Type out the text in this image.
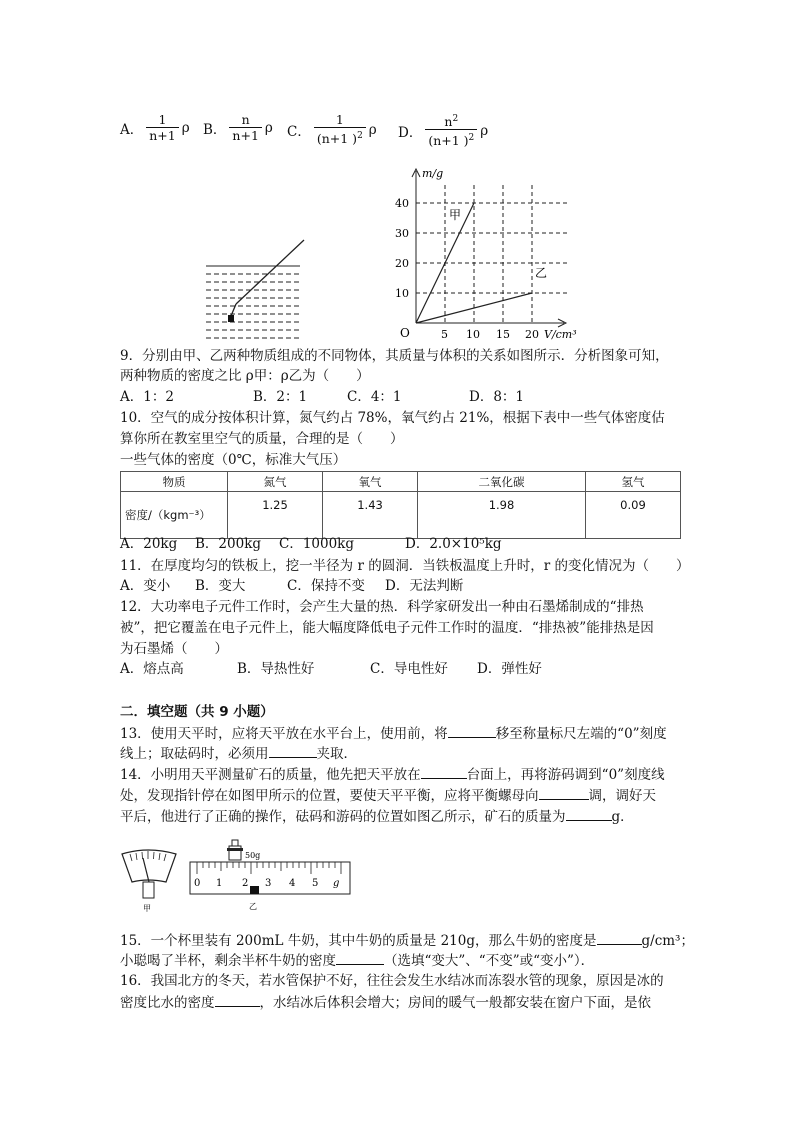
A． $\frac{1}{n+1}$ ρ B． $\frac{n}{n+1}$ ρ C． $\frac{1}{(n+1 )^2}$ ρ D． $\frac{n^2}{(n+1 )^2}$ ρ
m/g
40
30
20
10
O	5 10 15 20 V/cm³
甲
乙
9．分别由甲、乙两种物质组成的不同物体，其质量与体积的关系如图所示．分析图象可知，
两种物质的密度之比 ρ甲：ρ乙为（　　）
A．1：2	B．2：1	C．4：1	D．8：1
10．空气的成分按体积计算，氮气约占 78%，氧气约占 21%，根据下表中一些气体密度估
算你所在教室里空气的质量，合理的是（　　）
一些气体的密度（0℃，标准大气压）
物质	氮气	氧气	二氧化碳	氢气
密度/（kgm⁻³）	1.25	1.43	1.98	0.09
A．20kg B．200kg C．1000kg	D．2.0×10⁵kg
11．在厚度均匀的铁板上，挖一半径为 r 的圆洞．当铁板温度上升时，r 的变化情况为（　　）
A．变小 B．变大	C．保持不变 D．无法判断
12．大功率电子元件工作时，会产生大量的热．科学家研发出一种由石墨烯制成的“排热
被”，把它覆盖在电子元件上，能大幅度降低电子元件工作时的温度．“排热被”能排热是因
为石墨烯（　　）
A．熔点高	B．导热性好	C．导电性好 D．弹性好
二．填空题（共 9 小题）
13．使用天平时，应将天平放在水平台上，使用前，将	移至称量标尺左端的“0”刻度
线上；取砝码时，必须用	夹取．
14．小明用天平测量矿石的质量，他先把天平放在	台面上，再将游码调到“0”刻度线
处，发现指针停在如图甲所示的位置，要使天平平衡，应将平衡螺母向	调，调好天
平后，他进行了正确的操作，砝码和游码的位置如图乙所示，矿石的质量为	g．
甲
50g
0 1 2 3 4 5 g
乙
15．一个杯里装有 200mL 牛奶，其中牛奶的质量是 210g，那么牛奶的密度是	g/cm³；
小聪喝了半杯，剩余半杯牛奶的密度	（选填“变大”、“不变”或“变小”）．
16．我国北方的冬天，若水管保护不好，往往会发生水结冰而冻裂水管的现象，原因是冰的
密度比水的密度	，水结冰后体积会增大；房间的暖气一般都安装在窗户下面，是依
